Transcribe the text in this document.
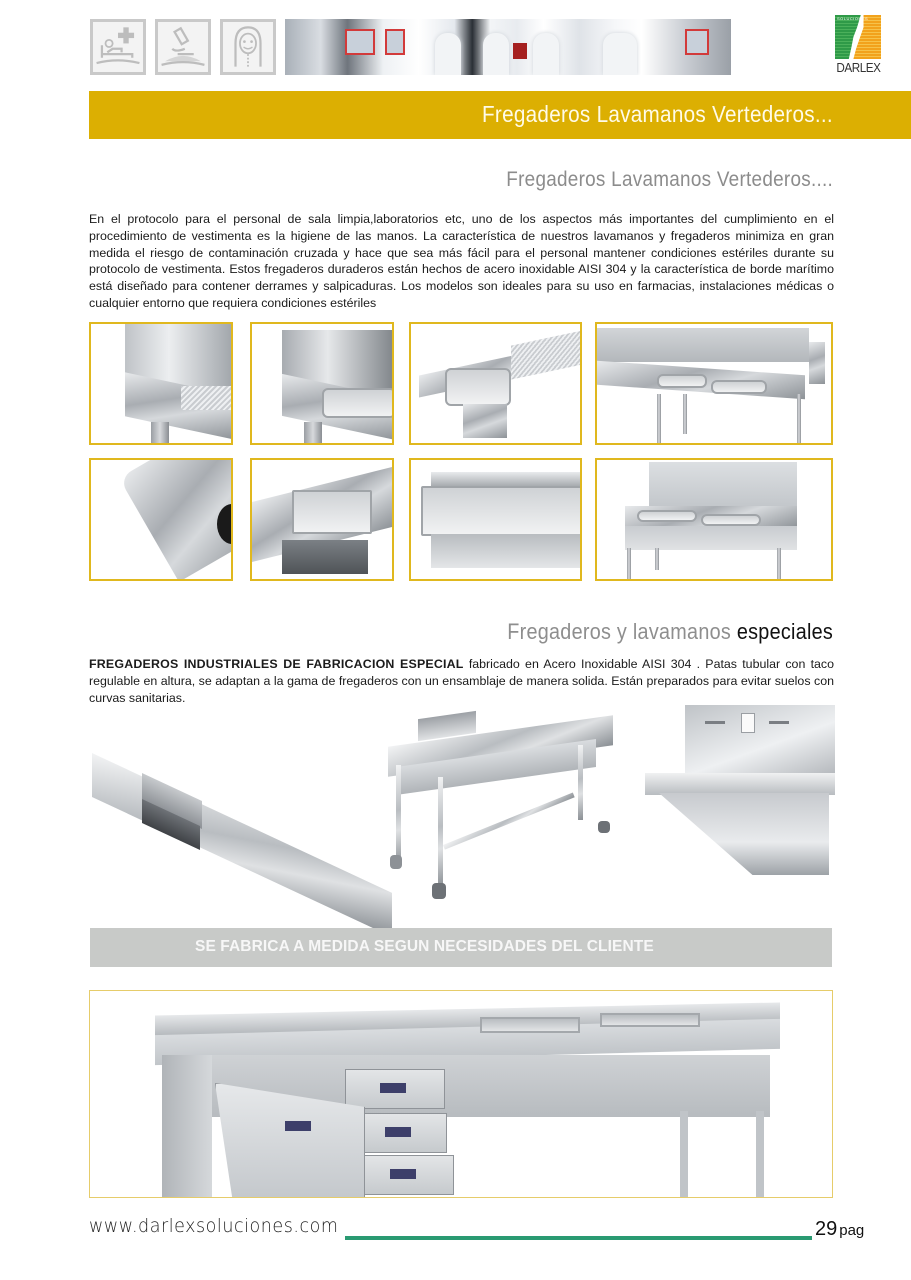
SOLUCIONES
DARLEX
Fregaderos Lavamanos Vertederos...
Fregaderos Lavamanos Vertederos....

En el protocolo para el personal de sala limpia,laboratorios etc, uno de los aspectos más importantes del cumplimiento en el procedimiento de vestimenta es la higiene de las manos. La característica de nuestros lavamanos y fregaderos minimiza en gran medida el riesgo de contaminación cruzada y hace que sea más fácil para el personal mantener condiciones estériles durante su protocolo de vestimenta. Estos fregaderos duraderos están hechos de acero inoxidable AISI 304 y la característica de borde marítimo está diseñado para contener derrames y salpicaduras. Los modelos son ideales para su uso en farmacias, instalaciones médicas o cualquier entorno que requiera condiciones estériles

Fregaderos y lavamanos especiales

FREGADEROS INDUSTRIALES DE FABRICACION ESPECIAL fabricado en Acero Inoxidable AISI 304 . Patas tubular con taco regulable en altura, se adaptan a la gama de fregaderos con un ensamblaje de manera solida. Están preparados para evitar suelos con curvas sanitarias.

SE FABRICA A MEDIDA SEGUN NECESIDADES DEL CLIENTE
www.darlexsoluciones.com	29 pag
